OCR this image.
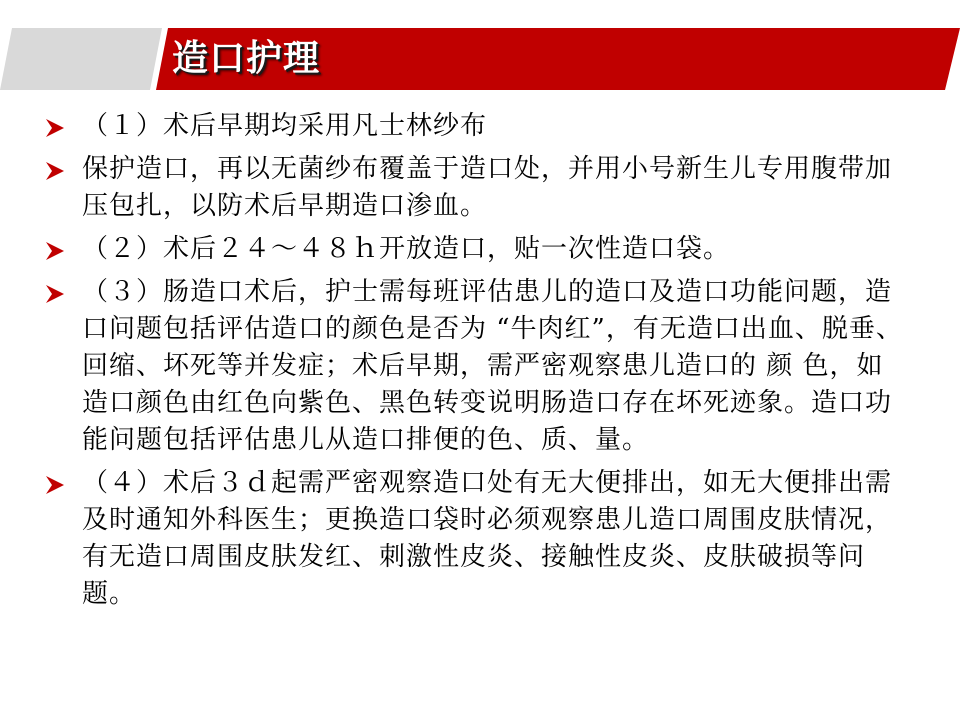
造口护理
（１）术后早期均采用凡士林纱布
保护造口，再以无菌纱布覆盖于造口处，并用小号新生儿专用腹带加压包扎，以防术后早期造口渗血。
（２）术后２４～４８ｈ开放造口，贴一次性造口袋。
（３）肠造口术后，护士需每班评估患儿的造口及造口功能问题，造口问题包括评估造口的颜色是否为 “牛肉红”，有无造口出血、脱垂、回缩、坏死等并发症；术后早期，需严密观察患儿造口的 颜 色，如造口颜色由红色向紫色、黑色转变说明肠造口存在坏死迹象。造口功能问题包括评估患儿从造口排便的色、质、量。
（４）术后３ｄ起需严密观察造口处有无大便排出，如无大便排出需及时通知外科医生；更换造口袋时必须观察患儿造口周围皮肤情况，有无造口周围皮肤发红、刺激性皮炎、接触性皮炎、皮肤破损等问题。
